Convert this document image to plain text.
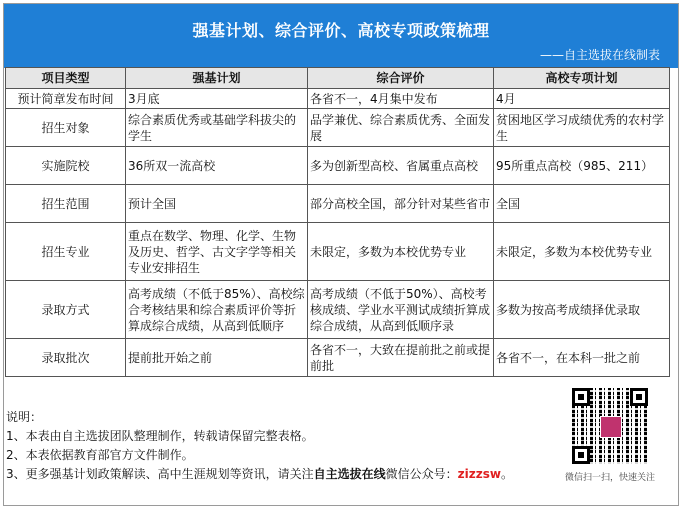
强基计划、综合评价、高校专项政策梳理
——自主选拔在线制表
项目类型	强基计划	综合评价	高校专项计划
预计简章发布时间	3月底	各省不一，4月集中发布	4月
招生对象	综合素质优秀或基础学科拔尖的学生	品学兼优、综合素质优秀、全面发展	贫困地区学习成绩优秀的农村学生
实施院校	36所双一流高校	多为创新型高校、省属重点高校	95所重点高校（985、211）
招生范围	预计全国	部分高校全国，部分针对某些省市	全国
招生专业	重点在数学、物理、化学、生物及历史、哲学、古文字学等相关专业安排招生	未限定，多数为本校优势专业	未限定，多数为本校优势专业
录取方式	高考成绩（不低于85%）、高校综合考核结果和综合素质评价等折算成综合成绩，从高到低顺序	高考成绩（不低于50%）、高校考核成绩、学业水平测试成绩折算成综合成绩，从高到低顺序录	多数为按高考成绩择优录取
录取批次	提前批开始之前	各省不一，大致在提前批之前或提前批	各省不一，在本科一批之前
说明：
1、本表由自主选拔团队整理制作，转载请保留完整表格。
2、本表依据教育部官方文件制作。
3、更多强基计划政策解读、高中生涯规划等资讯，请关注自主选拔在线微信公众号：zizzsw。	微信扫一扫，快速关注
